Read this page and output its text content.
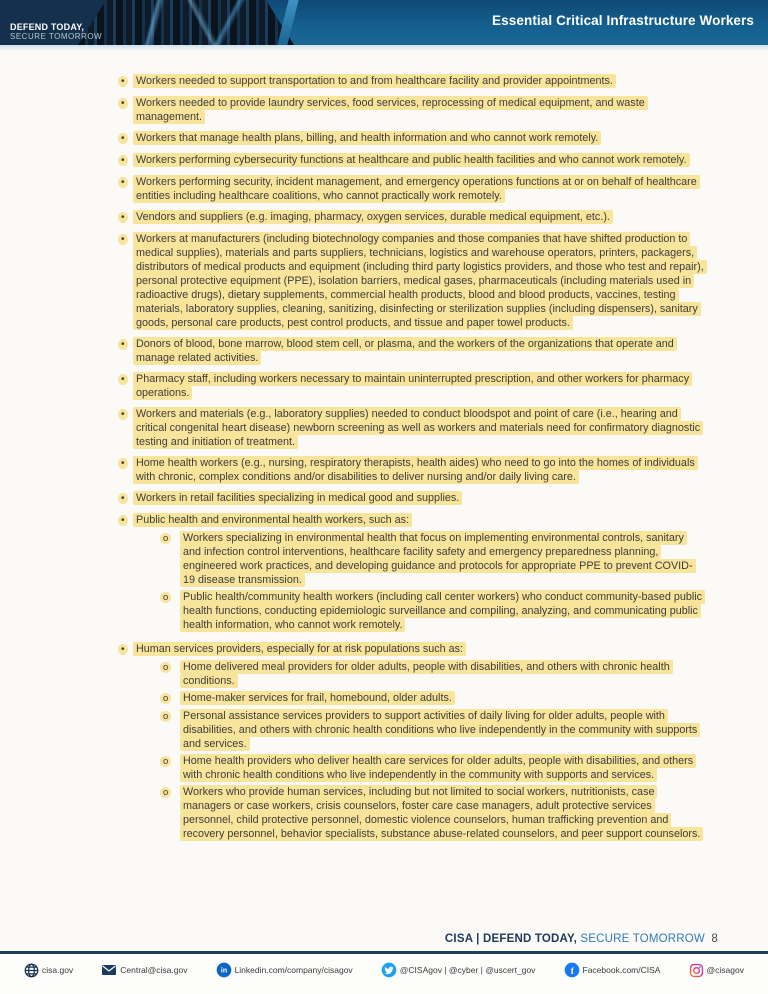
DEFEND TODAY,
SECURE TOMORROW
Essential Critical Infrastructure Workers
•	Workers needed to support transportation to and from healthcare facility and provider appointments.
•	Workers needed to provide laundry services, food services, reprocessing of medical equipment, and waste management.
•	Workers that manage health plans, billing, and health information and who cannot work remotely.
•	Workers performing cybersecurity functions at healthcare and public health facilities and who cannot work remotely.
•	Workers performing security, incident management, and emergency operations functions at or on behalf of healthcare entities including healthcare coalitions, who cannot practically work remotely.
•	Vendors and suppliers (e.g. imaging, pharmacy, oxygen services, durable medical equipment, etc.).
•	Workers at manufacturers (including biotechnology companies and those companies that have shifted production to medical supplies), materials and parts suppliers, technicians, logistics and warehouse operators, printers, packagers, distributors of medical products and equipment (including third party logistics providers, and those who test and repair), personal protective equipment (PPE), isolation barriers, medical gases, pharmaceuticals (including materials used in radioactive drugs), dietary supplements, commercial health products, blood and blood products, vaccines, testing materials, laboratory supplies, cleaning, sanitizing, disinfecting or sterilization supplies (including dispensers), sanitary goods, personal care products, pest control products, and tissue and paper towel products.
•	Donors of blood, bone marrow, blood stem cell, or plasma, and the workers of the organizations that operate and manage related activities.
•	Pharmacy staff, including workers necessary to maintain uninterrupted prescription, and other workers for pharmacy operations.
•	Workers and materials (e.g., laboratory supplies) needed to conduct bloodspot and point of care (i.e., hearing and critical congenital heart disease) newborn screening as well as workers and materials need for confirmatory diagnostic testing and initiation of treatment.
•	Home health workers (e.g., nursing, respiratory therapists, health aides) who need to go into the homes of individuals with chronic, complex conditions and/or disabilities to deliver nursing and/or daily living care.
•	Workers in retail facilities specializing in medical good and supplies.
•	Public health and environmental health workers, such as:
o	Workers specializing in environmental health that focus on implementing environmental controls, sanitary and infection control interventions, healthcare facility safety and emergency preparedness planning, engineered work practices, and developing guidance and protocols for appropriate PPE to prevent COVID-19 disease transmission.
o	Public health/community health workers (including call center workers) who conduct community-based public health functions, conducting epidemiologic surveillance and compiling, analyzing, and communicating public health information, who cannot work remotely.
•	Human services providers, especially for at risk populations such as:
o	Home delivered meal providers for older adults, people with disabilities, and others with chronic health conditions.
o	Home-maker services for frail, homebound, older adults.
o	Personal assistance services providers to support activities of daily living for older adults, people with disabilities, and others with chronic health conditions who live independently in the community with supports and services.
o	Home health providers who deliver health care services for older adults, people with disabilities, and others with chronic health conditions who live independently in the community with supports and services.
o	Workers who provide human services, including but not limited to social workers, nutritionists, case managers or case workers, crisis counselors, foster care case managers, adult protective services personnel, child protective personnel, domestic violence counselors, human trafficking prevention and recovery personnel, behavior specialists, substance abuse-related counselors, and peer support counselors.
CISA | DEFEND TODAY, SECURE TOMORROW 8
cisa.gov	Central@cisa.gov	in Linkedin.com/company/cisagov	@CISAgov | @cyber | @uscert_gov f Facebook.com/CISA	@cisagov
